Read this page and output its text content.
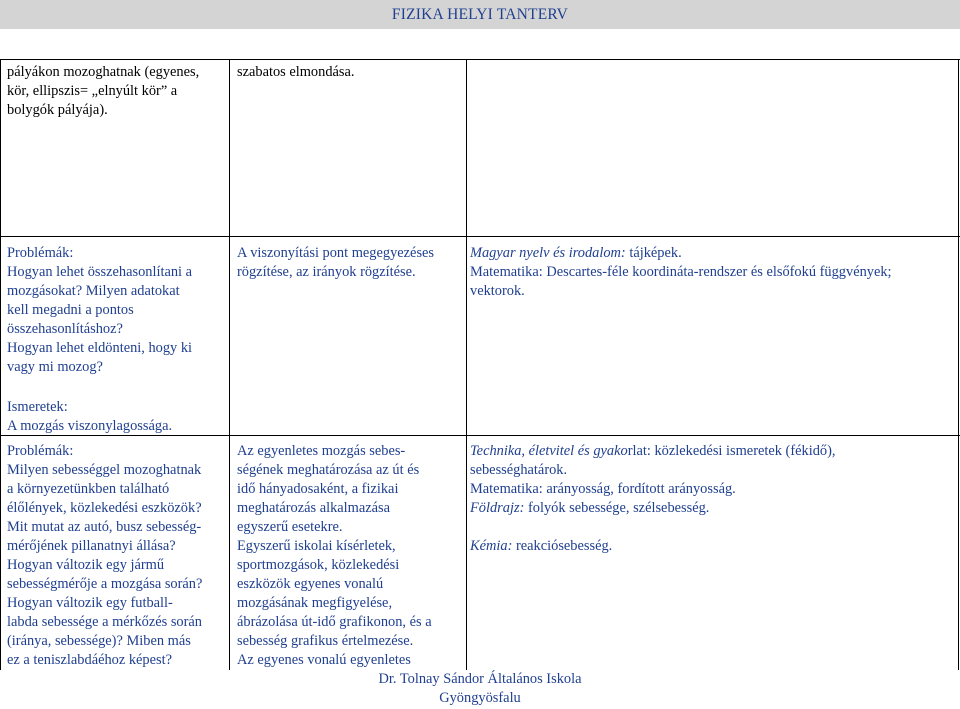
FIZIKA HELYI TANTERV
pályákon mozoghatnak (egyenes,
kör, ellipszis= „elnyúlt kör” a
bolygók pályája).
szabatos elmondása.
Problémák:
Hogyan lehet összehasonlítani a
mozgásokat? Milyen adatokat
kell megadni a pontos
összehasonlításhoz?
Hogyan lehet eldönteni, hogy ki
vagy mi mozog?
Ismeretek:
A mozgás viszonylagossága.
A viszonyítási pont megegyezéses
rögzítése, az irányok rögzítése.
Magyar nyelv és irodalom: tájképek.
Matematika: Descartes-féle koordináta-rendszer és elsőfokú függvények;
vektorok.
Problémák:
Milyen sebességgel mozoghatnak
a környezetünkben található
élőlények, közlekedési eszközök?
Mit mutat az autó, busz sebesség-
mérőjének pillanatnyi állása?
Hogyan változik egy jármű
sebességmérője a mozgása során?
Hogyan változik egy futball-
labda sebessége a mérkőzés során
(iránya, sebessége)? Miben más
ez a teniszlabdáéhoz képest?
Az egyenletes mozgás sebes-
ségének meghatározása az út és
idő hányadosaként, a fizikai
meghatározás alkalmazása
egyszerű esetekre.
Egyszerű iskolai kísérletek,
sportmozgások, közlekedési
eszközök egyenes vonalú
mozgásának megfigyelése,
ábrázolása út-idő grafikonon, és a
sebesség grafikus értelmezése.
Az egyenes vonalú egyenletes
Technika, életvitel és gyakorlat: közlekedési ismeretek (fékidő),
sebességhatárok.
Matematika: arányosság, fordított arányosság.
Földrajz: folyók sebessége, szélsebesség.
Kémia: reakciósebesség.
Dr. Tolnay Sándor Általános Iskola
Gyöngyösfalu
